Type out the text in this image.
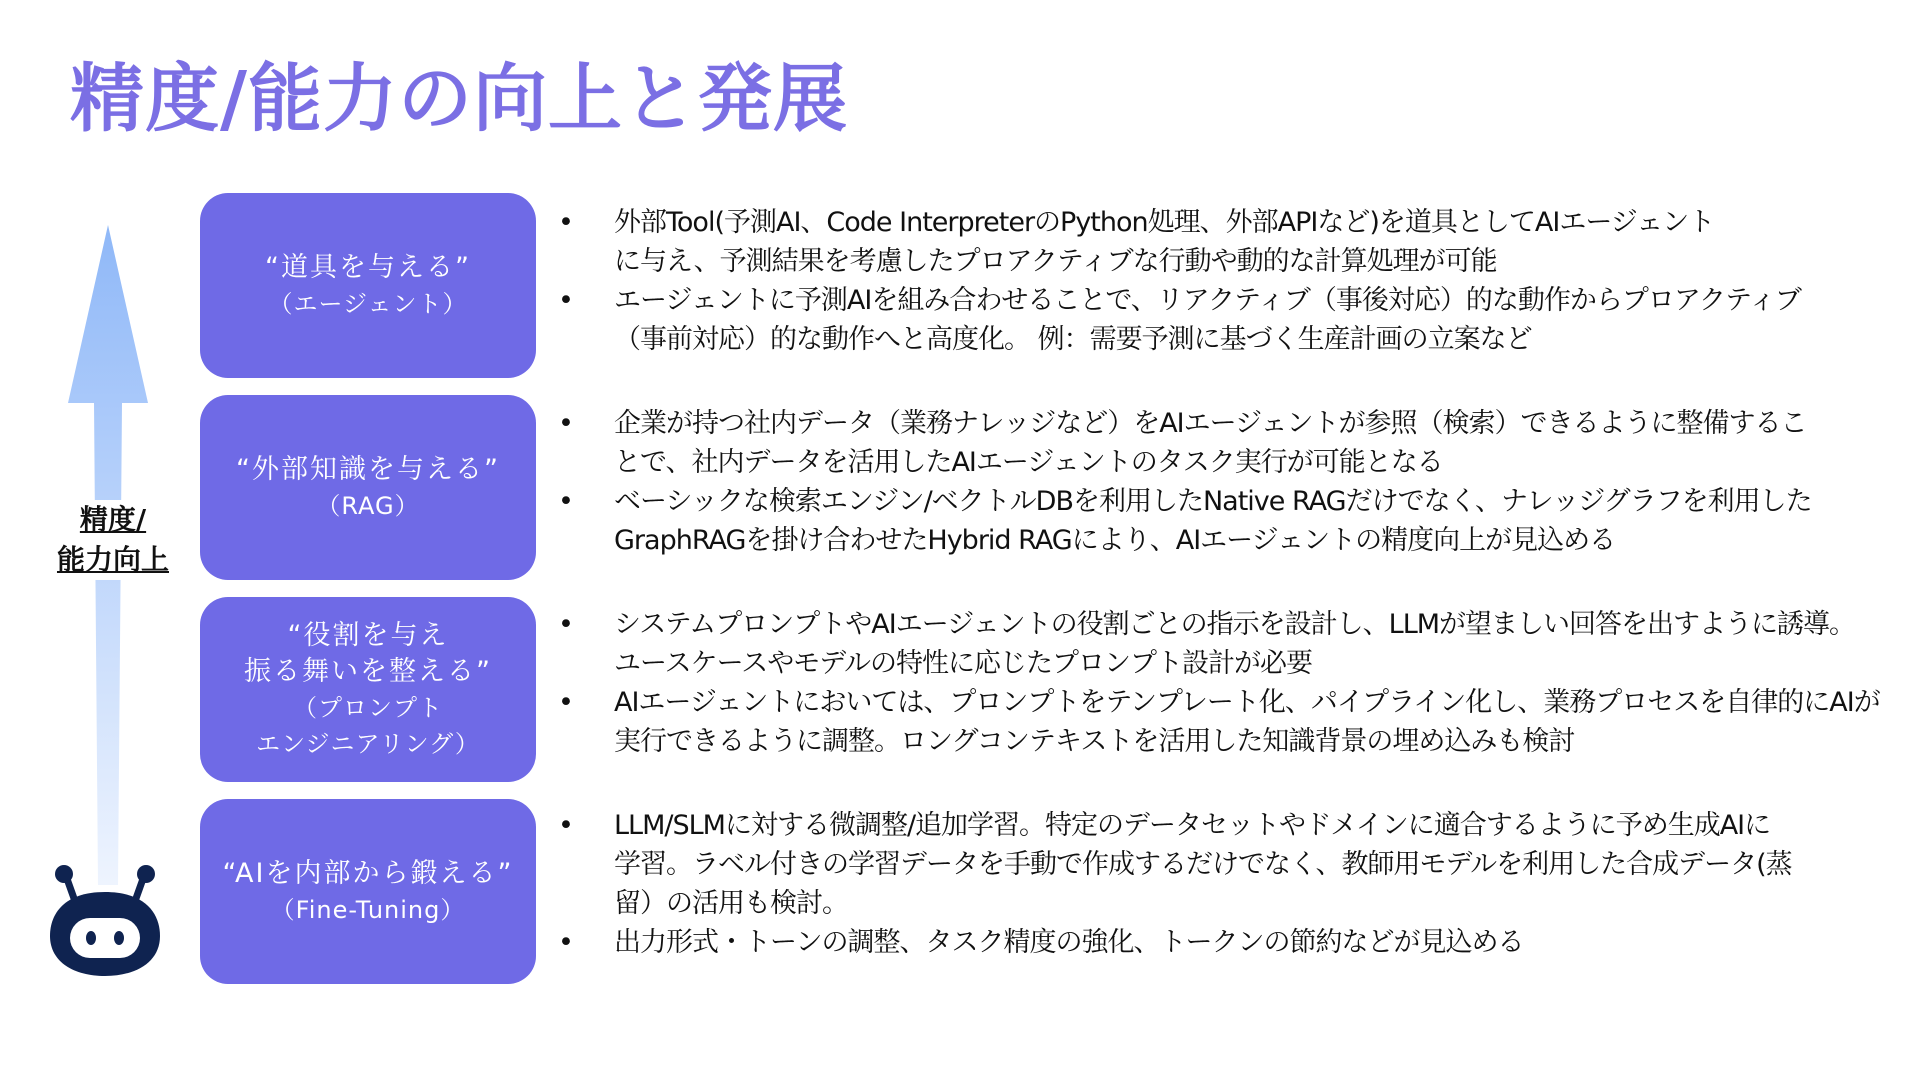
精度/能力の向上と発展
精度/
能力向上
“道具を与える”
（エージェント）
•	外部Tool(予測AI、Code InterpreterのPython処理、外部APIなど)を道具としてAIエージェント
に与え、予測結果を考慮したプロアクティブな行動や動的な計算処理が可能
•	エージェントに予測AIを組み合わせることで、リアクティブ（事後対応）的な動作からプロアクティブ
（事前対応）的な動作へと高度化。 例：需要予測に基づく生産計画の立案など
“外部知識を与える”
（RAG）
•	企業が持つ社内データ（業務ナレッジなど）をAIエージェントが参照（検索）できるように整備するこ
とで、社内データを活用したAIエージェントのタスク実行が可能となる
•	ベーシックな検索エンジン/ベクトルDBを利用したNative RAGだけでなく、ナレッジグラフを利用した
GraphRAGを掛け合わせたHybrid RAGにより、AIエージェントの精度向上が見込める
“役割を与え
振る舞いを整える”
（プロンプト
エンジニアリング）
•	システムプロンプトやAIエージェントの役割ごとの指示を設計し、LLMが望ましい回答を出すように誘導。
ユースケースやモデルの特性に応じたプロンプト設計が必要
•	AIエージェントにおいては、プロンプトをテンプレート化、パイプライン化し、業務プロセスを自律的にAIが
実行できるように調整。ロングコンテキストを活用した知識背景の埋め込みも検討
“AIを内部から鍛える”
（Fine-Tuning）
•	LLM/SLMに対する微調整/追加学習。特定のデータセットやドメインに適合するように予め生成AIに
学習。ラベル付きの学習データを手動で作成するだけでなく、教師用モデルを利用した合成データ(蒸
留）の活用も検討。
•	出力形式・トーンの調整、タスク精度の強化、トークンの節約などが見込める
